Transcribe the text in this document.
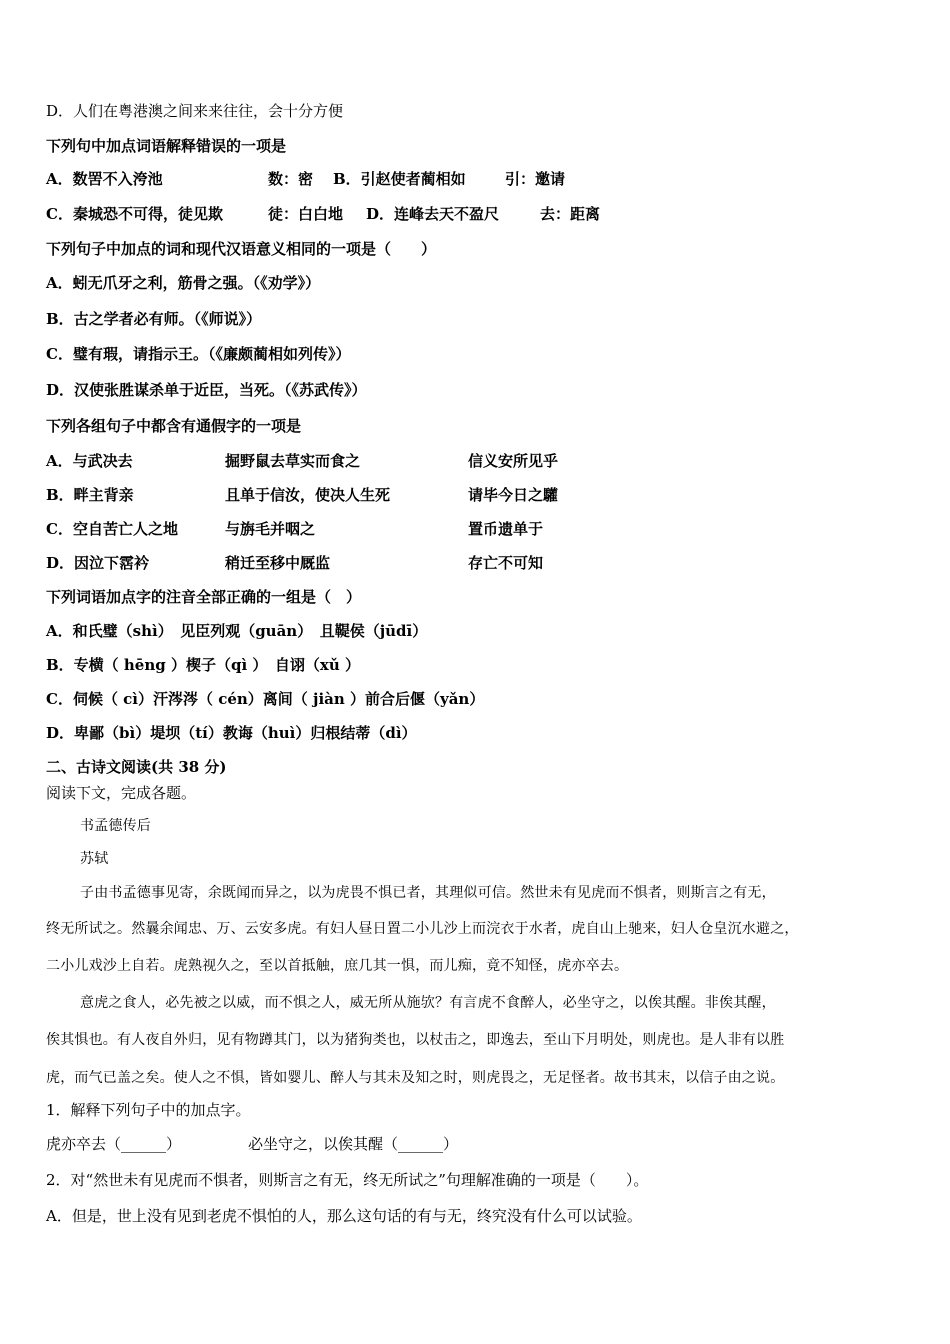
D．人们在粤港澳之间来来往往，会十分方便
下列句中加点词语解释错误的一项是
A．数罟不入洿池	数：密 B．引赵使者蔺相如	引：邀请
C．秦城恐不可得，徒见欺	徒：白白地 D．连峰去天不盈尺	去：距离
下列句子中加点的词和现代汉语意义相同的一项是（　　）
A．蚓无爪牙之利，筋骨之强。（《劝学》）
B．古之学者必有师。（《师说》）
C．璧有瑕，请指示王。（《廉颇蔺相如列传》）
D．汉使张胜谋杀单于近臣，当死。（《苏武传》）
下列各组句子中都含有通假字的一项是
A．与武决去	掘野鼠去草实而食之	信义安所见乎
B．畔主背亲	且单于信汝，使决人生死	请毕今日之驩
C．空自苦亡人之地	与旃毛并咽之	置币遗单于
D．因泣下霑衿	稍迁至移中厩监	存亡不可知
下列词语加点字的注音全部正确的一组是（　）
A．和氏璧（shì）　见臣列观（guān）　且鞮侯（jūdī）
B．专横（ hēng ）楔子（qì ）　自诩（xǔ ）
C．伺候（ cì）汗涔涔（ cén）离间（ jiàn ）前合后偃（yǎn）
D．卑鄙（bì）堤坝（tí）教诲（huì）归根结蒂（dì）
二、古诗文阅读(共 38 分)
阅读下文，完成各题。
书孟德传后
苏轼
子由书孟德事见寄，余既闻而异之，以为虎畏不惧已者，其理似可信。然世未有见虎而不惧者，则斯言之有无，
终无所试之。然曩余闻忠、万、云安多虎。有妇人昼日置二小儿沙上而浣衣于水者，虎自山上驰来，妇人仓皇沉水避之，
二小儿戏沙上自若。虎熟视久之，至以首抵触，庶几其一惧，而儿痴，竟不知怪，虎亦卒去。
意虎之食人，必先被之以威，而不惧之人，威无所从施欤？有言虎不食醉人，必坐守之，以俟其醒。非俟其醒，
俟其惧也。有人夜自外归，见有物蹲其门，以为猪狗类也，以杖击之，即逸去，至山下月明处，则虎也。是人非有以胜
虎，而气已盖之矣。使人之不惧，皆如婴儿、醉人与其未及知之时，则虎畏之，无足怪者。故书其末，以信子由之说。
1．解释下列句子中的加点字。
虎亦卒去（______）	必坐守之，以俟其醒（______）
2．对“然世未有见虎而不惧者，则斯言之有无，终无所试之”句理解准确的一项是（　　）。
A．但是，世上没有见到老虎不惧怕的人，那么这句话的有与无，终究没有什么可以试验。
